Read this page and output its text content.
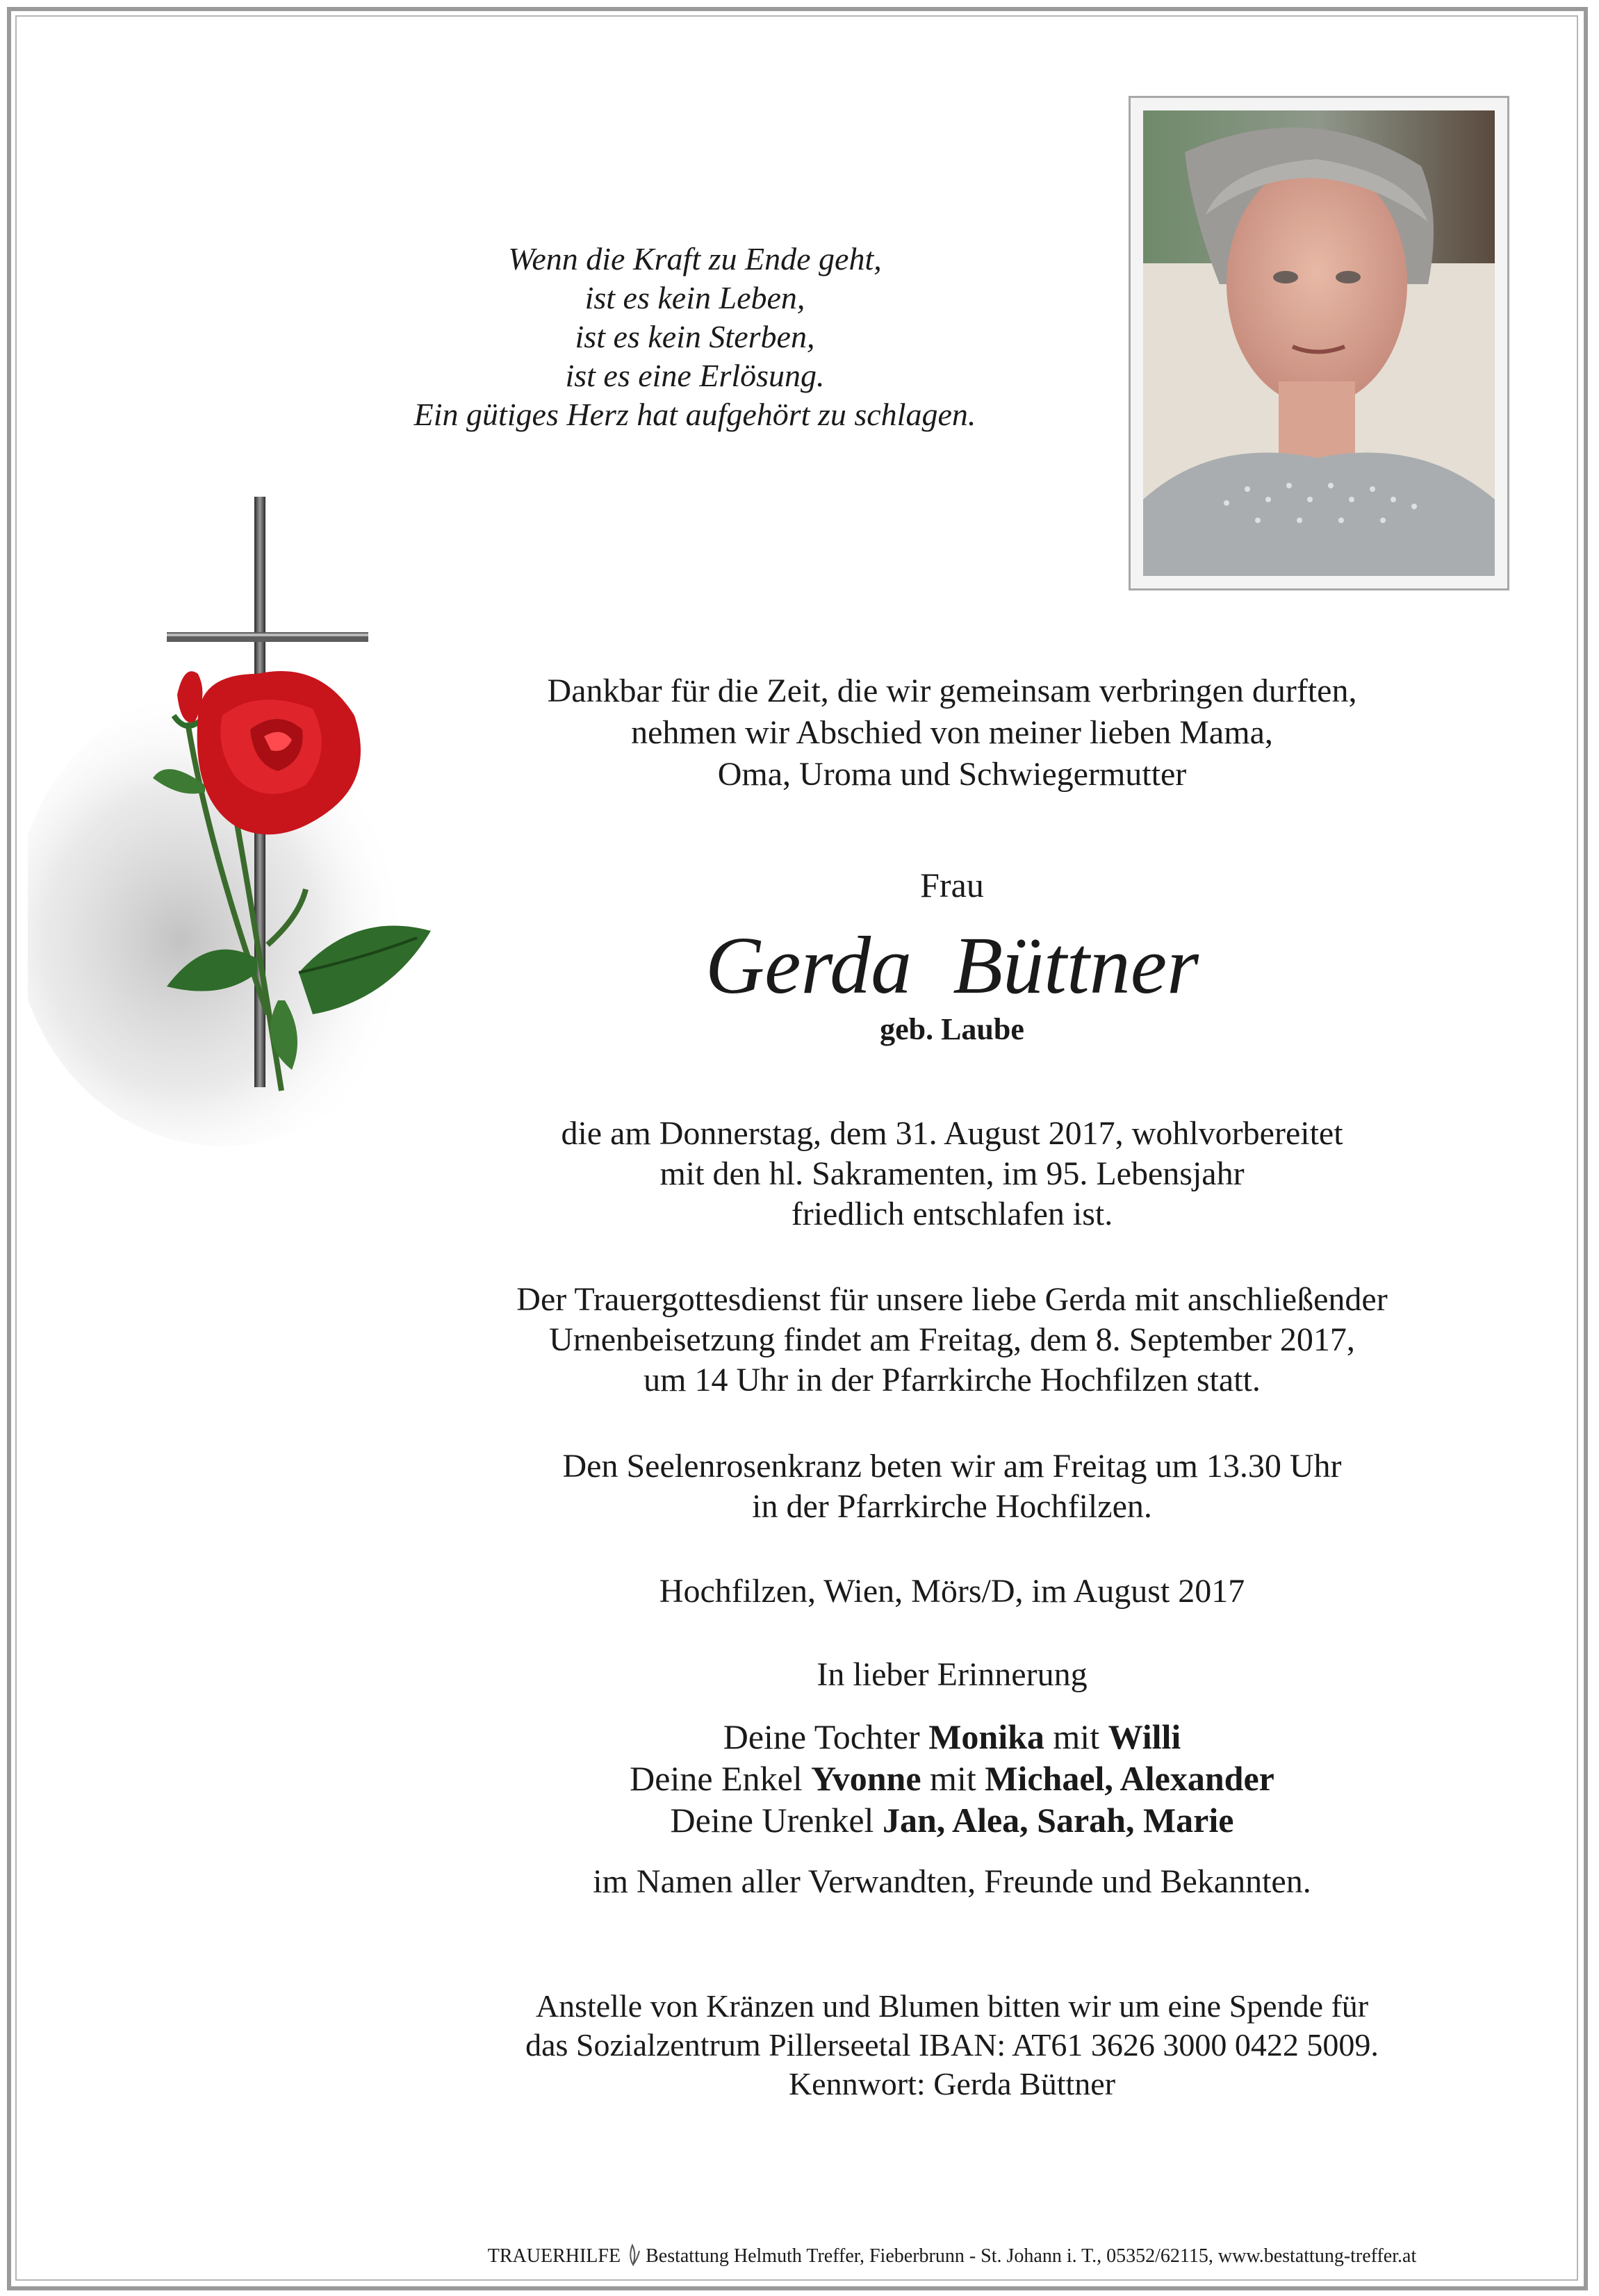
Wenn die Kraft zu Ende geht,
ist es kein Leben,
ist es kein Sterben,
ist es eine Erlösung.
Ein gütiges Herz hat aufgehört zu schlagen.
Dankbar für die Zeit, die wir gemeinsam verbringen durften,
nehmen wir Abschied von meiner lieben Mama,
Oma, Uroma und Schwiegermutter
Frau
Gerda Büttner
geb. Laube
die am Donnerstag, dem 31. August 2017, wohlvorbereitet
mit den hl. Sakramenten, im 95. Lebensjahr
friedlich entschlafen ist.
Der Trauergottesdienst für unsere liebe Gerda mit anschließender
Urnenbeisetzung findet am Freitag, dem 8. September 2017,
um 14 Uhr in der Pfarrkirche Hochfilzen statt.
Den Seelenrosenkranz beten wir am Freitag um 13.30 Uhr
in der Pfarrkirche Hochfilzen.
Hochfilzen, Wien, Mörs/D, im August 2017
In lieber Erinnerung
Deine Tochter Monika mit Willi
Deine Enkel Yvonne mit Michael, Alexander
Deine Urenkel Jan, Alea, Sarah, Marie
im Namen aller Verwandten, Freunde und Bekannten.
Anstelle von Kränzen und Blumen bitten wir um eine Spende für
das Sozialzentrum Pillerseetal IBAN: AT61 3626 3000 0422 5009.
Kennwort: Gerda Büttner
TRAUERHILFE Bestattung Helmuth Treffer, Fieberbrunn - St. Johann i. T., 05352/62115, www.bestattung-treffer.at
